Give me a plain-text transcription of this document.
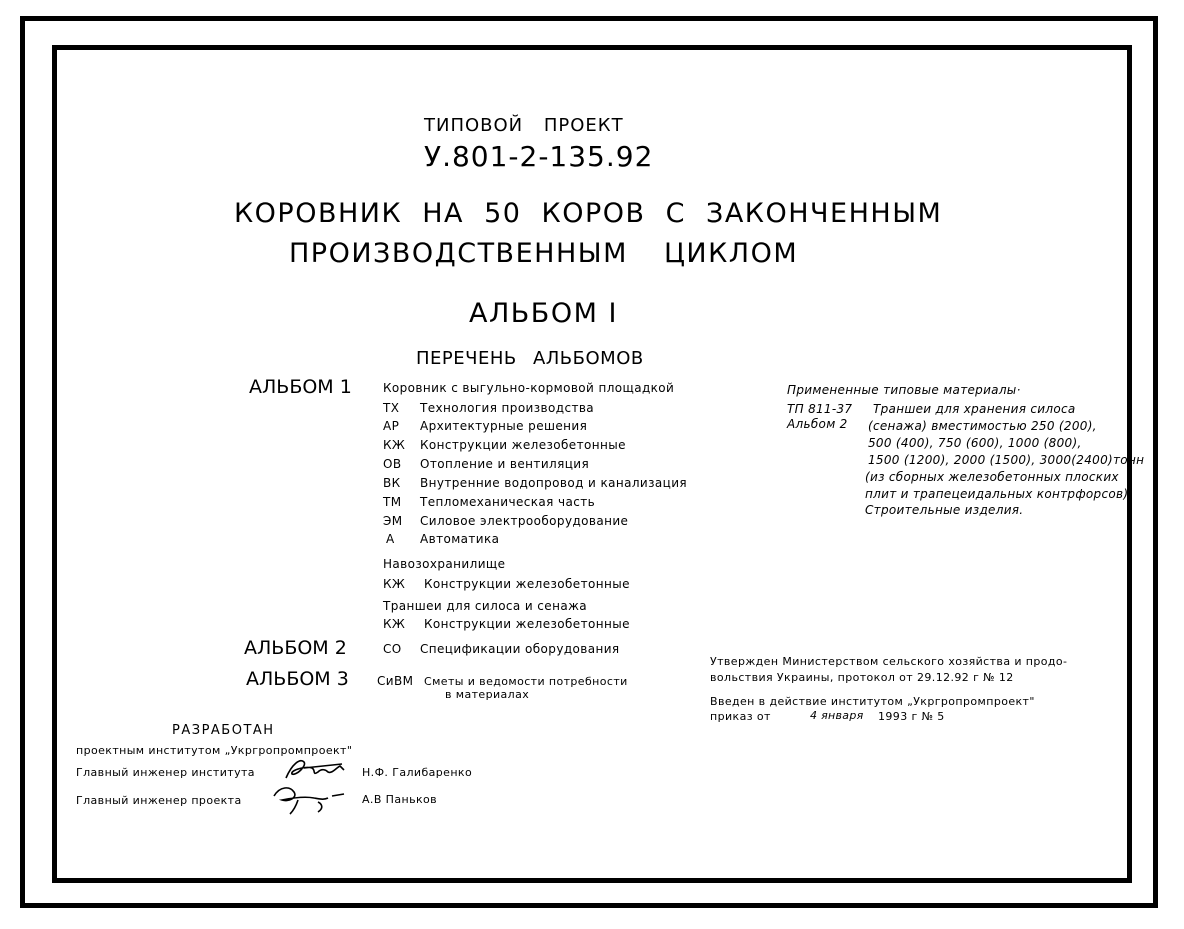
ТИПОВОЙ ПРОЕКТ
У.801-2-135.92
КОРОВНИК НА 50 КОРОВ С ЗАКОНЧЕННЫМ
ПРОИЗВОДСТВЕННЫМ ЦИКЛОМ
АЛЬБОМ I
ПЕРЕЧЕНЬ АЛЬБОМОВ
АЛЬБОМ 1	Коровник с выгульно-кормовой площадкой
ТХ Технология производства
АР Архитектурные решения
КЖ Конструкции железобетонные
ОВ Отопление и вентиляция
ВК Внутренние водопровод и канализация
ТМ Тепломеханическая часть
ЭМ Силовое электрооборудование
А Автоматика
Навозохранилище
КЖ Конструкции железобетонные
Траншеи для силоса и сенажа
КЖ Конструкции железобетонные
АЛЬБОМ 2	СО Спецификации оборудования
АЛЬБОМ 3 СиВМ Сметы и ведомости потребности
в материалах
Примененные типовые материалы·
ТП 811-37
Альбом 2
Траншеи для хранения силоса
(сенажа) вместимостью 250 (200),
500 (400), 750 (600), 1000 (800),
1500 (1200), 2000 (1500), 3000(2400)тонн
(из сборных железобетонных плоских
плит и трапецеидальных контрфорсов).
Строительные изделия.
Утвержден Министерством сельского хозяйства и продо-
вольствия Украины, протокол от 29.12.92 г № 12
Введен в действие институтом „Укргропромпроект"
приказ от	4 января 1993 г № 5
РАЗРАБОТАН
проектным институтом „Укргропромпроект"
Главный инженер института	Н.Ф. Галибаренко
Главный инженер проекта	А.В Паньков
